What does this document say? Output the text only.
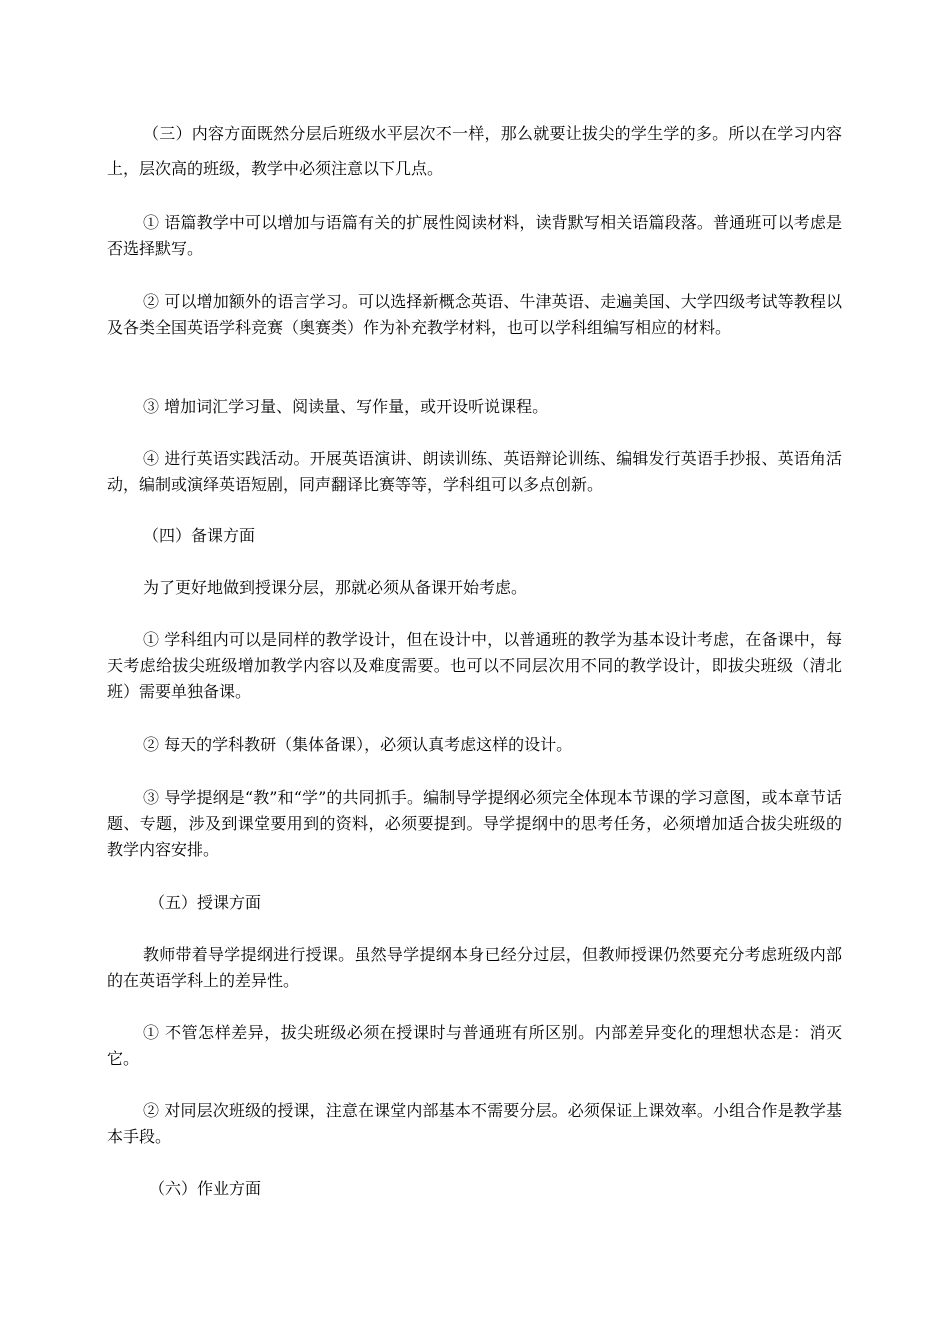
（三）内容方面既然分层后班级水平层次不一样，那么就要让拔尖的学生学的多。所以在学习内容上，层次高的班级，教学中必须注意以下几点。

① 语篇教学中可以增加与语篇有关的扩展性阅读材料，读背默写相关语篇段落。普通班可以考虑是否选择默写。

② 可以增加额外的语言学习。可以选择新概念英语、牛津英语、走遍美国、大学四级考试等教程以及各类全国英语学科竞赛（奥赛类）作为补充教学材料，也可以学科组编写相应的材料。

③ 增加词汇学习量、阅读量、写作量，或开设听说课程。

④ 进行英语实践活动。开展英语演讲、朗读训练、英语辩论训练、编辑发行英语手抄报、英语角活动，编制或演绎英语短剧，同声翻译比赛等等，学科组可以多点创新。

（四）备课方面

为了更好地做到授课分层，那就必须从备课开始考虑。

① 学科组内可以是同样的教学设计，但在设计中，以普通班的教学为基本设计考虑，在备课中，每天考虑给拔尖班级增加教学内容以及难度需要。也可以不同层次用不同的教学设计，即拔尖班级（清北班）需要单独备课。

② 每天的学科教研（集体备课），必须认真考虑这样的设计。

③ 导学提纲是“教”和“学”的共同抓手。编制导学提纲必须完全体现本节课的学习意图，或本章节话题、专题，涉及到课堂要用到的资料，必须要提到。导学提纲中的思考任务，必须增加适合拔尖班级的教学内容安排。

（五）授课方面

教师带着导学提纲进行授课。虽然导学提纲本身已经分过层，但教师授课仍然要充分考虑班级内部的在英语学科上的差异性。

① 不管怎样差异，拔尖班级必须在授课时与普通班有所区别。内部差异变化的理想状态是：消灭它。

② 对同层次班级的授课，注意在课堂内部基本不需要分层。必须保证上课效率。小组合作是教学基本手段。

（六）作业方面
